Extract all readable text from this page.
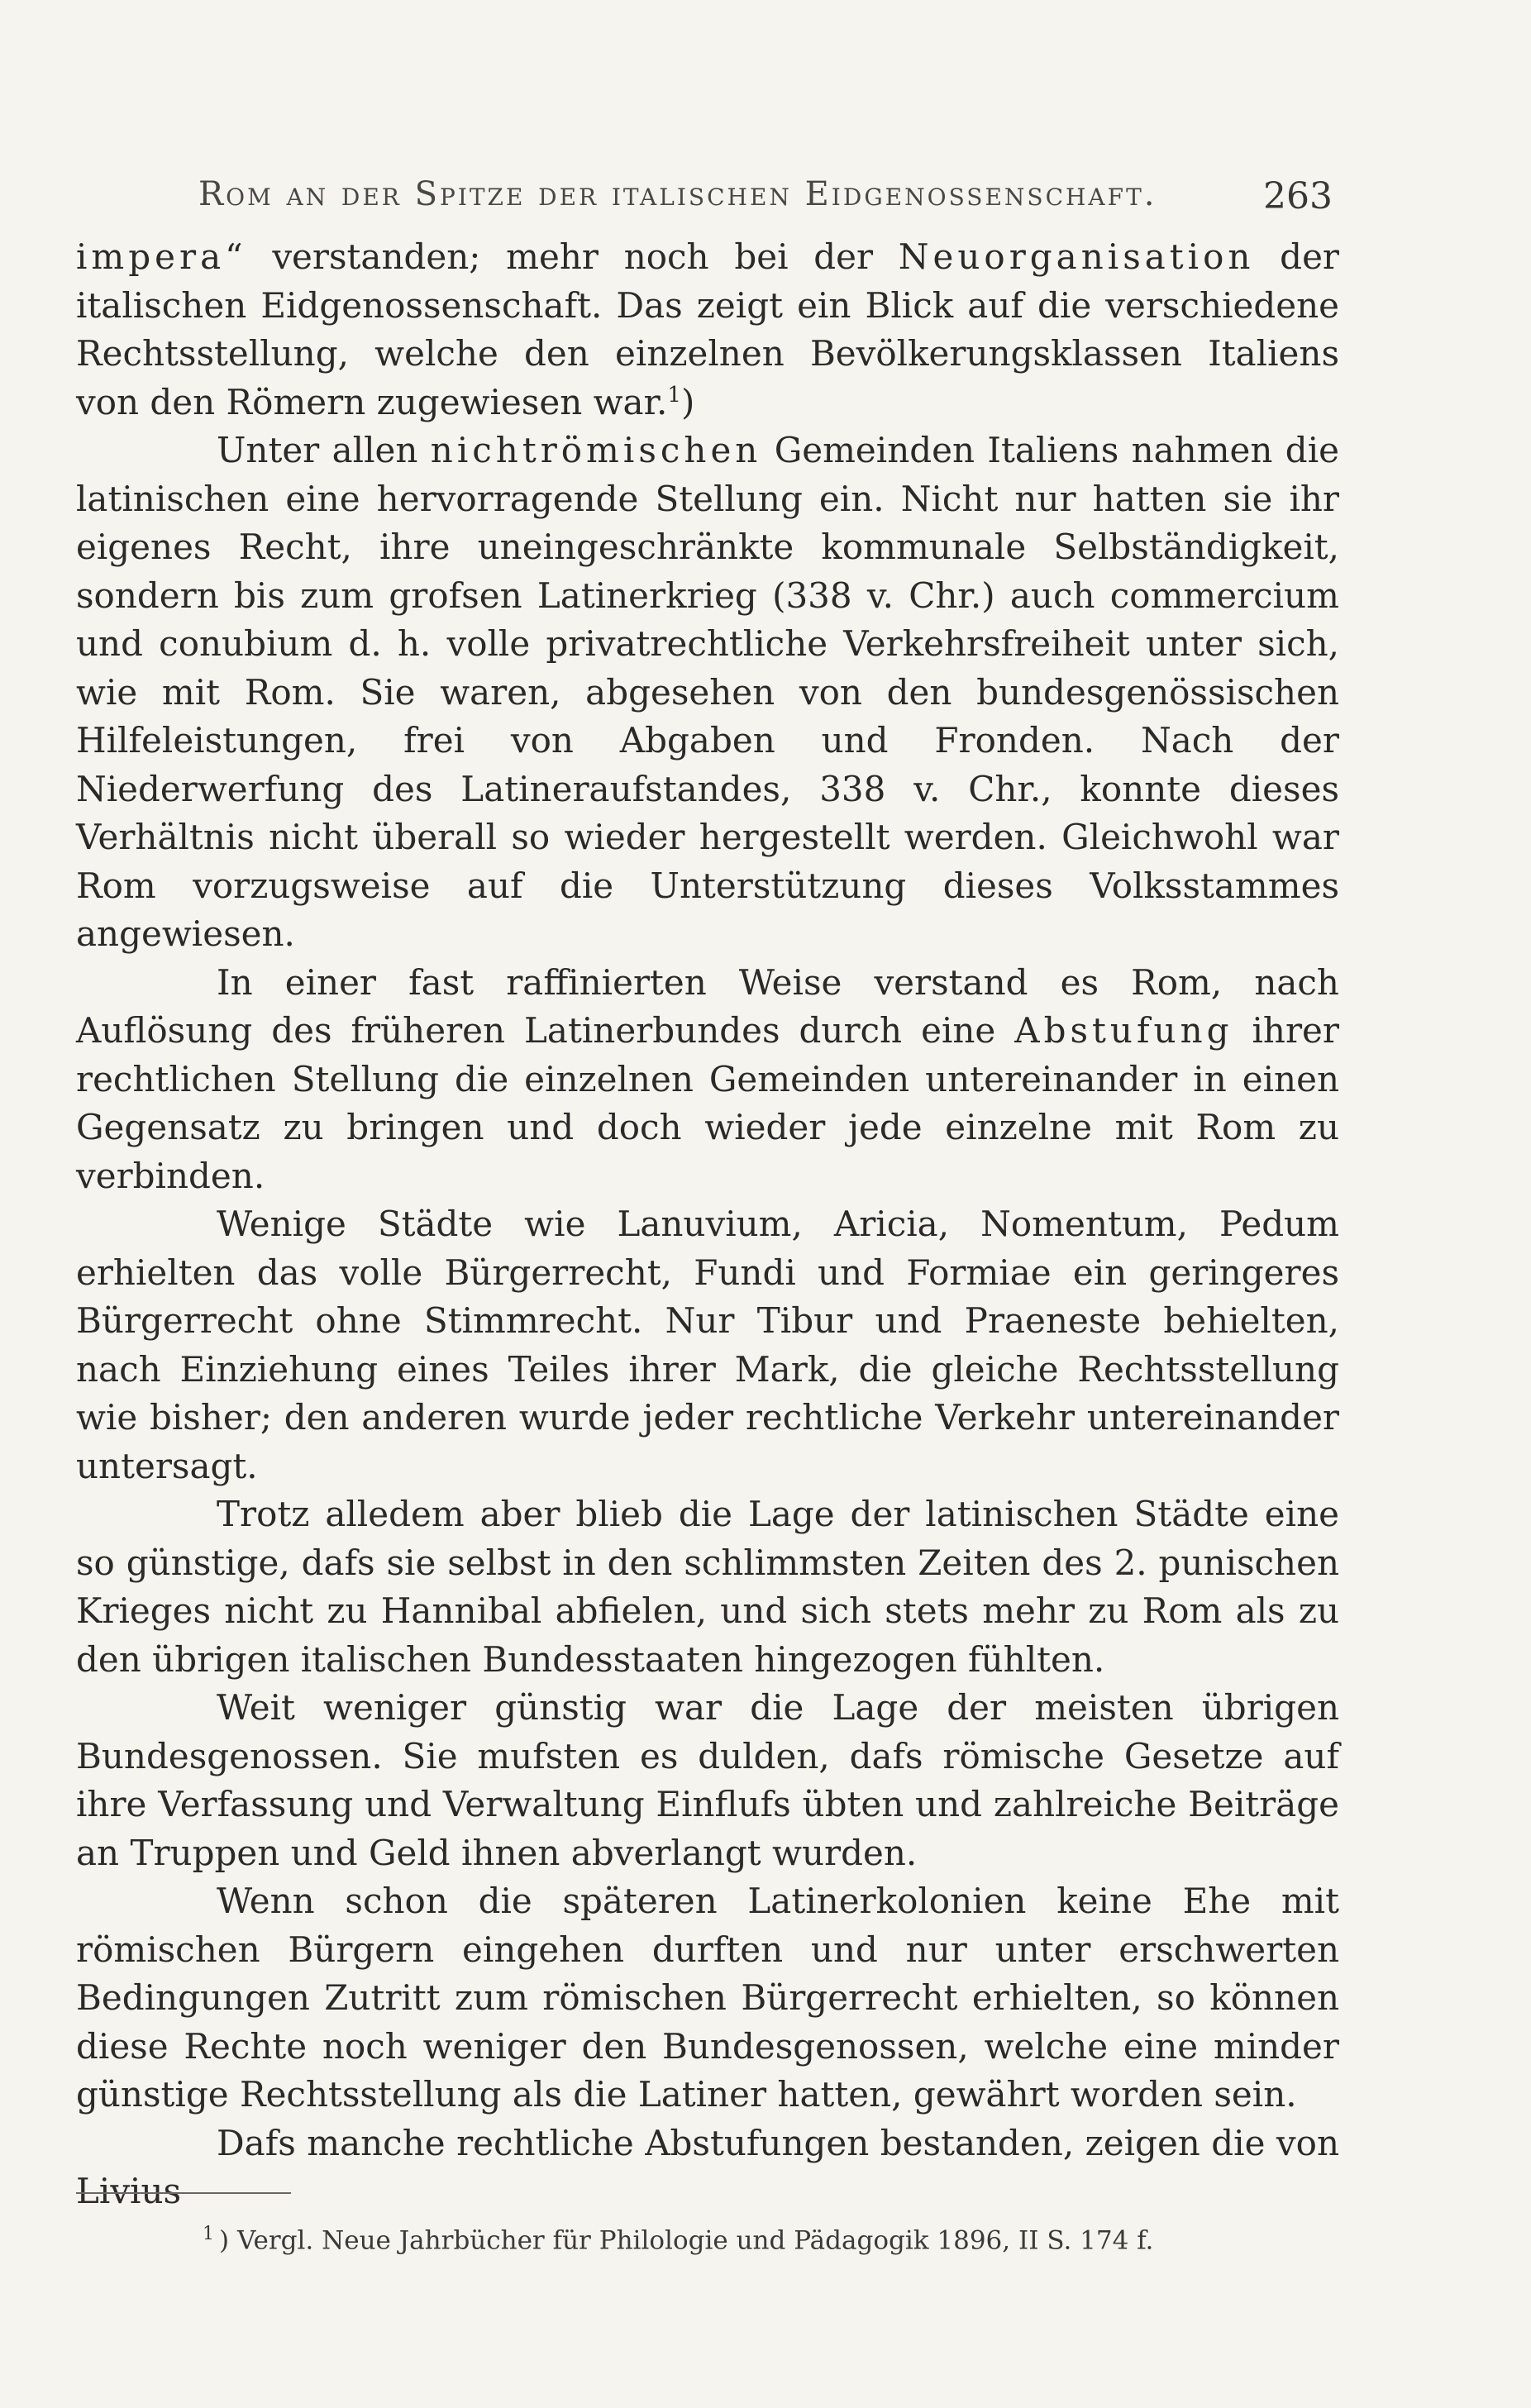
Rom an der Spitze der italischen Eidgenossenschaft.	263

impera“ verstanden; mehr noch bei der Neuorganisation der italischen Eidgenossenschaft. Das zeigt ein Blick auf die verschiedene Rechtsstellung, welche den einzelnen Bevölkerungsklassen Italiens von den Römern zugewiesen war.$^1$)

Unter allen nichtrömischen Gemeinden Italiens nahmen die latinischen eine hervorragende Stellung ein. Nicht nur hatten sie ihr eigenes Recht, ihre uneingeschränkte kommunale Selbständigkeit, sondern bis zum grofsen Latinerkrieg (338 v. Chr.) auch commercium und conubium d. h. volle privatrechtliche Verkehrsfreiheit unter sich, wie mit Rom. Sie waren, abgesehen von den bundesgenössischen Hilfeleistungen, frei von Abgaben und Fronden. Nach der Niederwerfung des Latineraufstandes, 338 v. Chr., konnte dieses Verhältnis nicht überall so wieder hergestellt werden. Gleichwohl war Rom vorzugsweise auf die Unterstützung dieses Volksstammes angewiesen.

In einer fast raffinierten Weise verstand es Rom, nach Auflösung des früheren Latinerbundes durch eine Abstufung ihrer rechtlichen Stellung die einzelnen Gemeinden untereinander in einen Gegensatz zu bringen und doch wieder jede einzelne mit Rom zu verbinden.

Wenige Städte wie Lanuvium, Aricia, Nomentum, Pedum erhielten das volle Bürgerrecht, Fundi und Formiae ein geringeres Bürgerrecht ohne Stimmrecht. Nur Tibur und Praeneste behielten, nach Einziehung eines Teiles ihrer Mark, die gleiche Rechtsstellung wie bisher; den anderen wurde jeder rechtliche Verkehr untereinander untersagt.

Trotz alledem aber blieb die Lage der latinischen Städte eine so günstige, dafs sie selbst in den schlimmsten Zeiten des 2. punischen Krieges nicht zu Hannibal abfielen, und sich stets mehr zu Rom als zu den übrigen italischen Bundesstaaten hingezogen fühlten.

Weit weniger günstig war die Lage der meisten übrigen Bundesgenossen. Sie mufsten es dulden, dafs römische Gesetze auf ihre Verfassung und Verwaltung Einflufs übten und zahlreiche Beiträge an Truppen und Geld ihnen abverlangt wurden.

Wenn schon die späteren Latinerkolonien keine Ehe mit römischen Bürgern eingehen durften und nur unter erschwerten Bedingungen Zutritt zum römischen Bürgerrecht erhielten, so können diese Rechte noch weniger den Bundesgenossen, welche eine minder günstige Rechtsstellung als die Latiner hatten, gewährt worden sein.

Dafs manche rechtliche Abstufungen bestanden, zeigen die von Livius

$^1$ ) Vergl. Neue Jahrbücher für Philologie und Pädagogik 1896, II S. 174 f.
